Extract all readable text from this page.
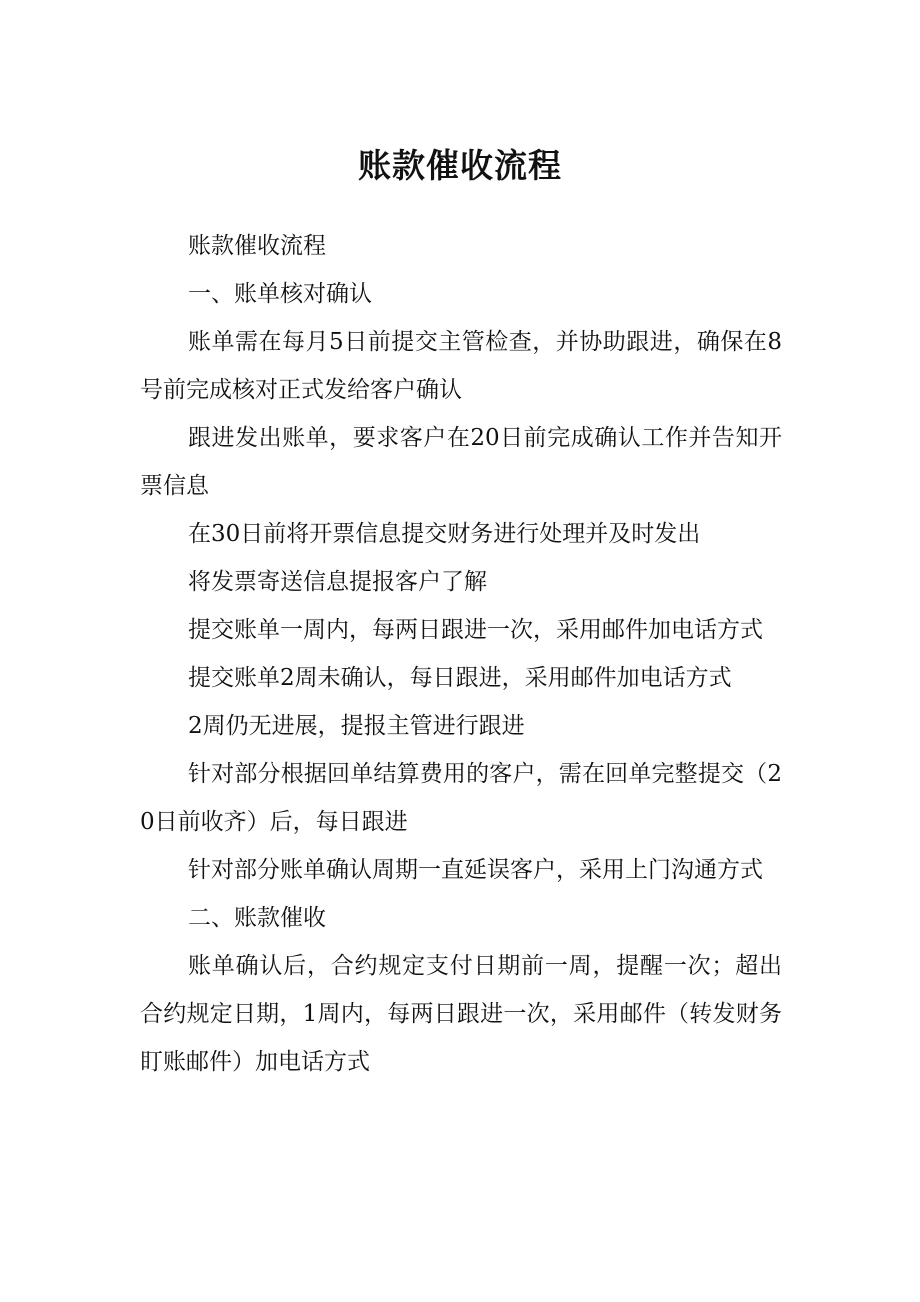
账款催收流程

账款催收流程

一、账单核对确认

账单需在每月5日前提交主管检查，并协助跟进，确保在8号前完成核对正式发给客户确认

跟进发出账单，要求客户在20日前完成确认工作并告知开票信息

在30日前将开票信息提交财务进行处理并及时发出

将发票寄送信息提报客户了解

提交账单一周内，每两日跟进一次，采用邮件加电话方式

提交账单2周未确认，每日跟进，采用邮件加电话方式

2周仍无进展，提报主管进行跟进

针对部分根据回单结算费用的客户，需在回单完整提交（20日前收齐）后，每日跟进

针对部分账单确认周期一直延误客户，采用上门沟通方式

二、账款催收

账单确认后，合约规定支付日期前一周，提醒一次；超出合约规定日期，1周内，每两日跟进一次，采用邮件（转发财务盯账邮件）加电话方式
